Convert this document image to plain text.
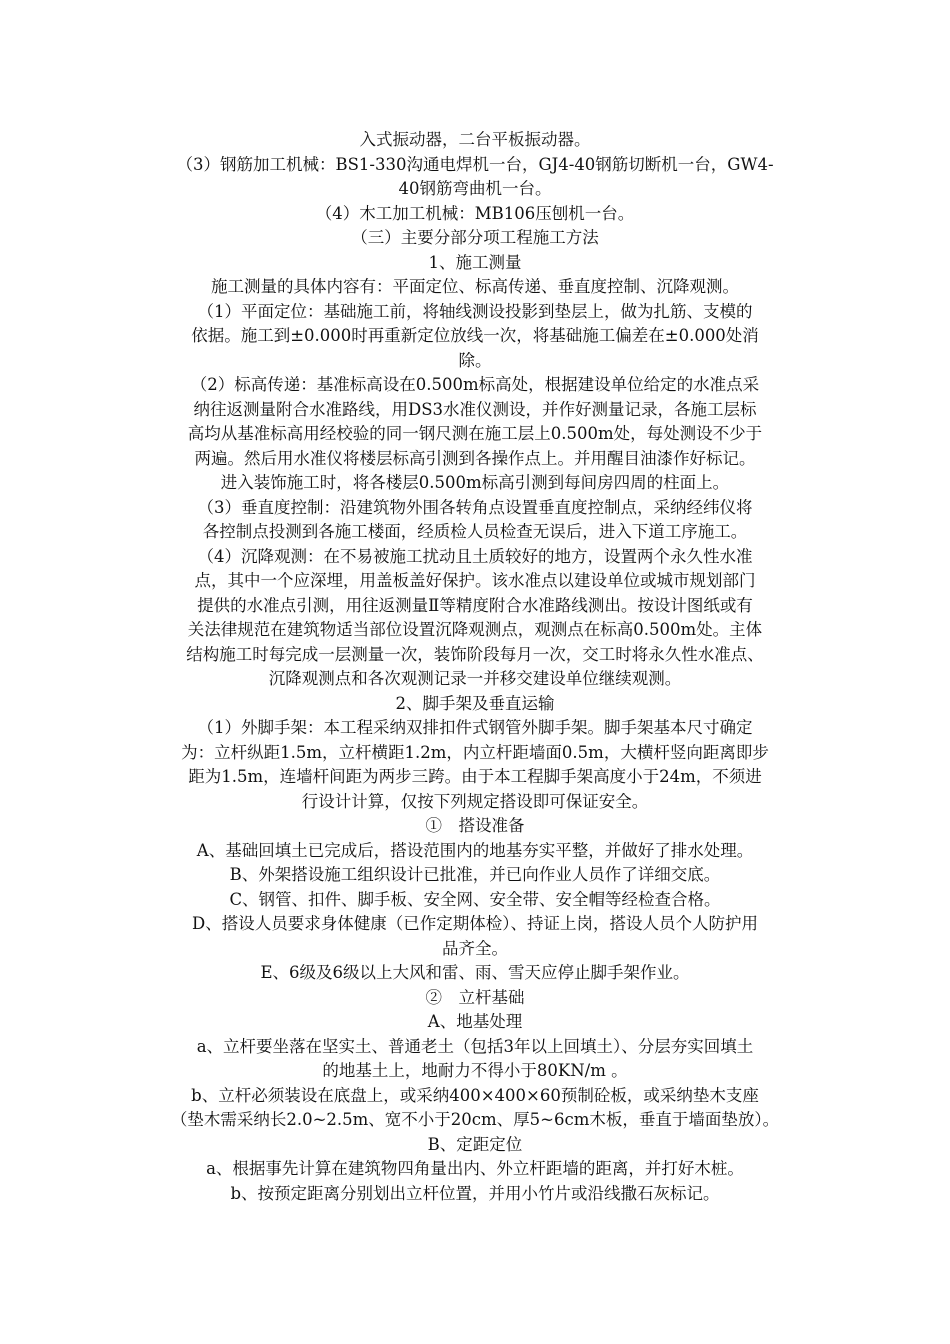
入式振动器，二台平板振动器。
（3）钢筋加工机械：BS1-330沟通电焊机一台，GJ4-40钢筋切断机一台，GW4-
40钢筋弯曲机一台。
（4）木工加工机械：MB106压刨机一台。
（三）主要分部分项工程施工方法
1、施工测量
施工测量的具体内容有：平面定位、标高传递、垂直度控制、沉降观测。
（1）平面定位：基础施工前，将轴线测设投影到垫层上，做为扎筋、支模的
依据。施工到±0.000时再重新定位放线一次，将基础施工偏差在±0.000处消
除。
（2）标高传递：基准标高设在0.500m标高处，根据建设单位给定的水准点采
纳往返测量附合水准路线，用DS3水准仪测设，并作好测量记录，各施工层标
高均从基准标高用经校验的同一钢尺测在施工层上0.500m处，每处测设不少于
两遍。然后用水准仪将楼层标高引测到各操作点上。并用醒目油漆作好标记。
进入装饰施工时，将各楼层0.500m标高引测到每间房四周的柱面上。
（3）垂直度控制：沿建筑物外围各转角点设置垂直度控制点，采纳经纬仪将
各控制点投测到各施工楼面，经质检人员检查无误后，进入下道工序施工。
（4）沉降观测：在不易被施工扰动且土质较好的地方，设置两个永久性水准
点，其中一个应深埋，用盖板盖好保护。该水准点以建设单位或城市规划部门
提供的水准点引测，用往返测量Ⅱ等精度附合水准路线测出。按设计图纸或有
关法律规范在建筑物适当部位设置沉降观测点，观测点在标高0.500m处。主体
结构施工时每完成一层测量一次，装饰阶段每月一次，交工时将永久性水准点、
沉降观测点和各次观测记录一并移交建设单位继续观测。
2、脚手架及垂直运输
（1）外脚手架：本工程采纳双排扣件式钢管外脚手架。脚手架基本尺寸确定
为：立杆纵距1.5m，立杆横距1.2m，内立杆距墙面0.5m，大横杆竖向距离即步
距为1.5m，连墙杆间距为两步三跨。由于本工程脚手架高度小于24m，不须进
行设计计算，仅按下列规定搭设即可保证安全。
①　搭设准备
A、基础回填土已完成后，搭设范围内的地基夯实平整，并做好了排水处理。
B、外架搭设施工组织设计已批准，并已向作业人员作了详细交底。
C、钢管、扣件、脚手板、安全网、安全带、安全帽等经检查合格。
D、搭设人员要求身体健康（已作定期体检）、持证上岗，搭设人员个人防护用
品齐全。
E、6级及6级以上大风和雷、雨、雪天应停止脚手架作业。
②　立杆基础
A、地基处理
a、立杆要坐落在坚实土、普通老土（包括3年以上回填土）、分层夯实回填土
的地基土上，地耐力不得小于80KN/m 。
b、立杆必须装设在底盘上，或采纳400×400×60预制砼板，或采纳垫木支座
（垫木需采纳长2.0~2.5m、宽不小于20cm、厚5~6cm木板，垂直于墙面垫放）。
B、定距定位
a、根据事先计算在建筑物四角量出内、外立杆距墙的距离，并打好木桩。
b、按预定距离分别划出立杆位置，并用小竹片或沿线撒石灰标记。
